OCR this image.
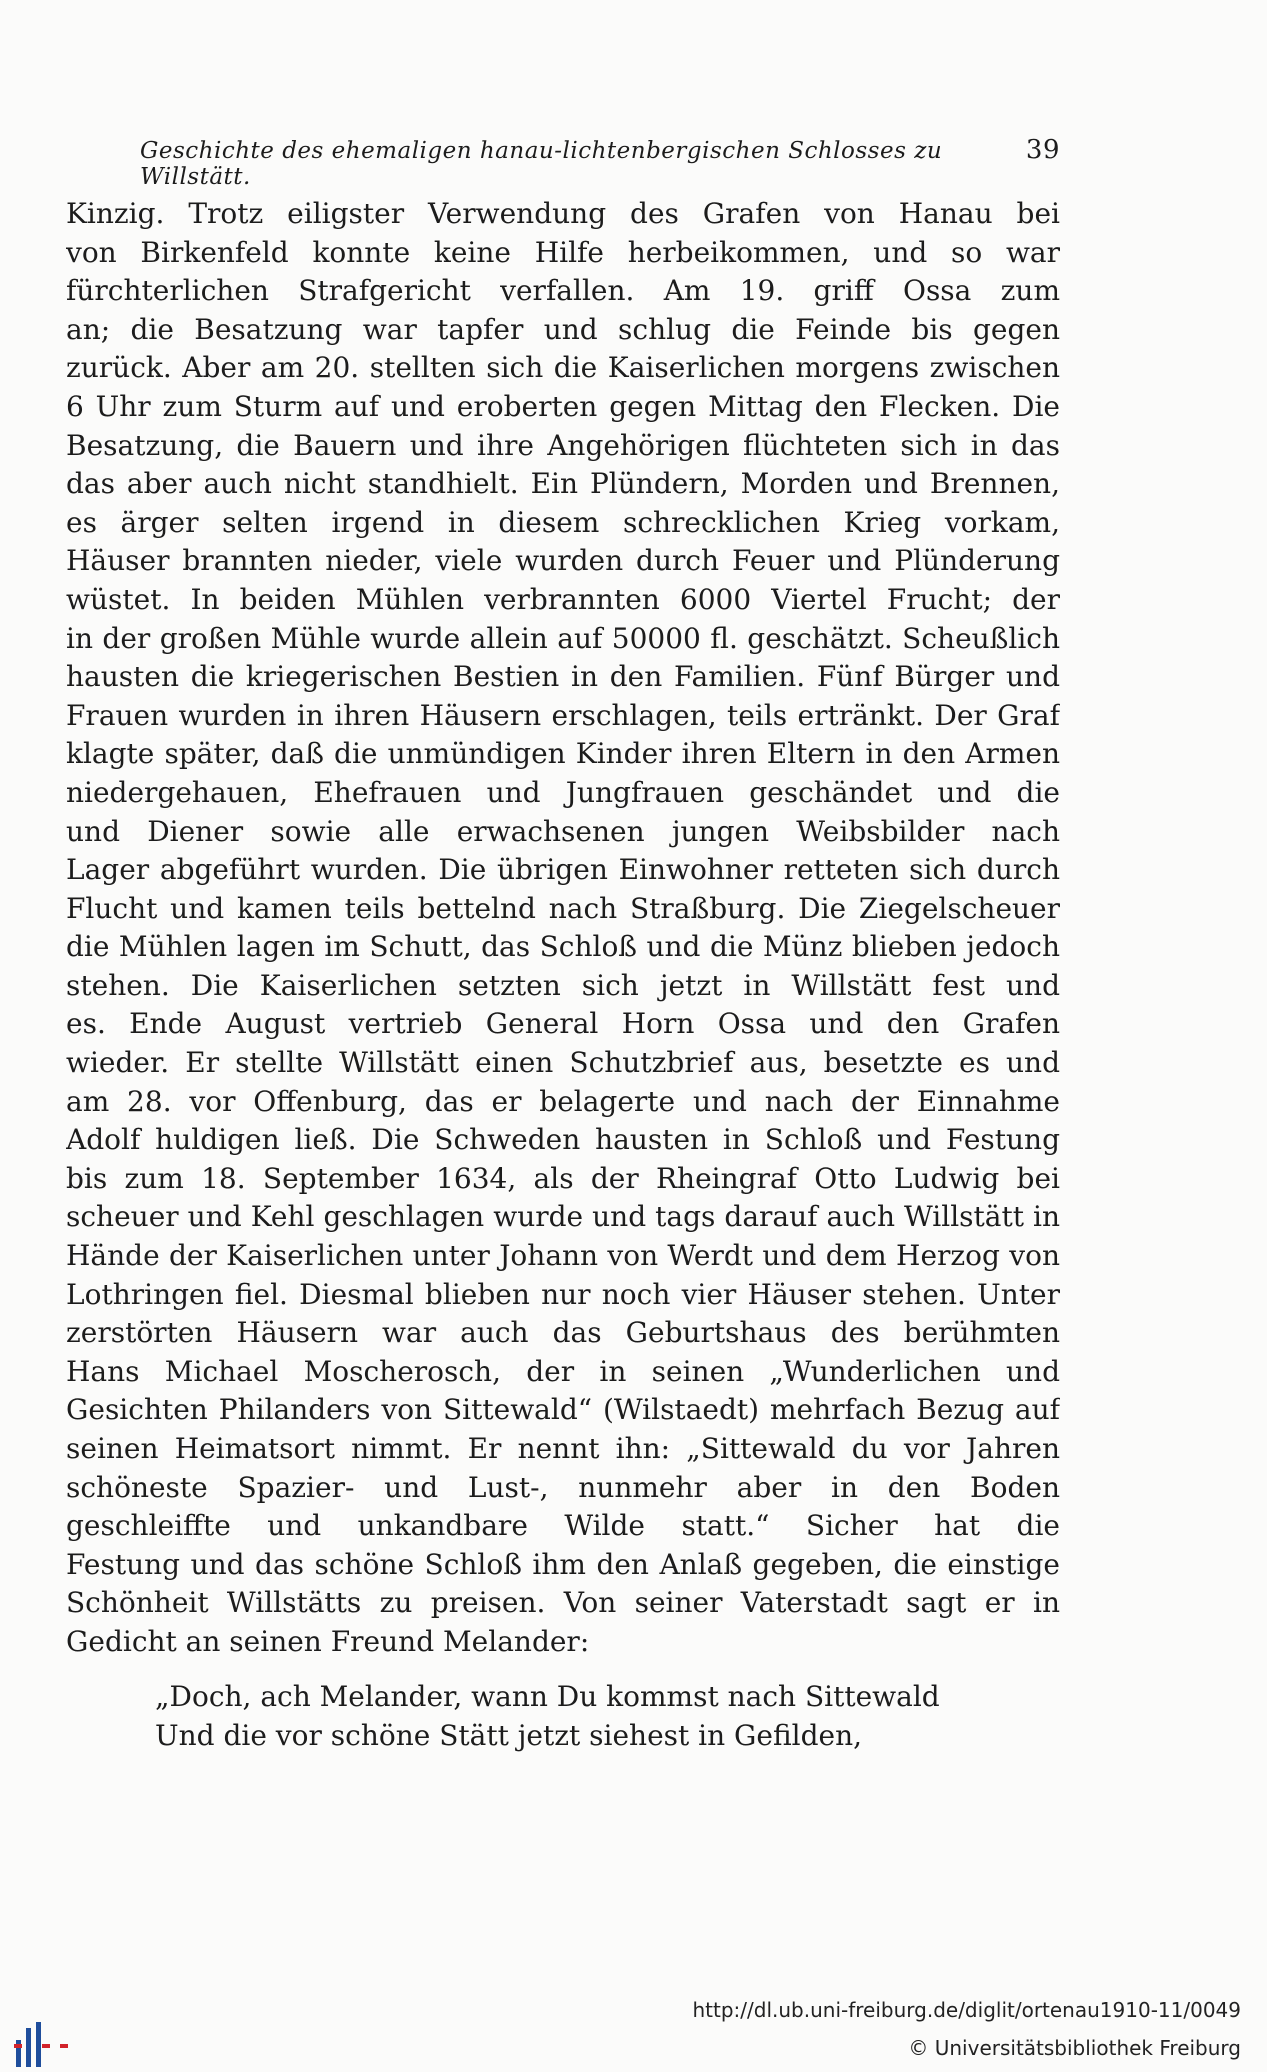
Geschichte des ehemaligen hanau-lichtenbergischen Schlosses zu Willstätt.
39
Kinzig. Trotz eiligster Verwendung des Grafen von Hanau bei
von Birkenfeld konnte keine Hilfe herbeikommen, und so war
fürchterlichen Strafgericht verfallen. Am 19. griff Ossa zum
an; die Besatzung war tapfer und schlug die Feinde bis gegen
zurück. Aber am 20. stellten sich die Kaiserlichen morgens zwischen
6 Uhr zum Sturm auf und eroberten gegen Mittag den Flecken. Die
Besatzung, die Bauern und ihre Angehörigen flüchteten sich in das
das aber auch nicht standhielt. Ein Plündern, Morden und Brennen,
es ärger selten irgend in diesem schrecklichen Krieg vorkam,
Häuser brannten nieder, viele wurden durch Feuer und Plünderung
wüstet. In beiden Mühlen verbrannten 6000 Viertel Frucht; der
in der großen Mühle wurde allein auf 50000 fl. geschätzt. Scheußlich
hausten die kriegerischen Bestien in den Familien. Fünf Bürger und
Frauen wurden in ihren Häusern erschlagen, teils ertränkt. Der Graf
klagte später, daß die unmündigen Kinder ihren Eltern in den Armen
niedergehauen, Ehefrauen und Jungfrauen geschändet und die
und Diener sowie alle erwachsenen jungen Weibsbilder nach
Lager abgeführt wurden. Die übrigen Einwohner retteten sich durch
Flucht und kamen teils bettelnd nach Straßburg. Die Ziegelscheuer
die Mühlen lagen im Schutt, das Schloß und die Münz blieben jedoch
stehen. Die Kaiserlichen setzten sich jetzt in Willstätt fest und
es. Ende August vertrieb General Horn Ossa und den Grafen
wieder. Er stellte Willstätt einen Schutzbrief aus, besetzte es und
am 28. vor Offenburg, das er belagerte und nach der Einnahme
Adolf huldigen ließ. Die Schweden hausten in Schloß und Festung
bis zum 18. September 1634, als der Rheingraf Otto Ludwig bei
scheuer und Kehl geschlagen wurde und tags darauf auch Willstätt in
Hände der Kaiserlichen unter Johann von Werdt und dem Herzog von
Lothringen fiel. Diesmal blieben nur noch vier Häuser stehen. Unter
zerstörten Häusern war auch das Geburtshaus des berühmten
Hans Michael Moscherosch, der in seinen „Wunderlichen und
Gesichten Philanders von Sittewald“ (Wilstaedt) mehrfach Bezug auf
seinen Heimatsort nimmt. Er nennt ihn: „Sittewald du vor Jahren
schöneste Spazier- und Lust-, nunmehr aber in den Boden
geschleiffte und unkandbare Wilde statt.“ Sicher hat die
Festung und das schöne Schloß ihm den Anlaß gegeben, die einstige
Schönheit Willstätts zu preisen. Von seiner Vaterstadt sagt er in
Gedicht an seinen Freund Melander:
„Doch, ach Melander, wann Du kommst nach Sittewald
Und die vor schöne Stätt jetzt siehest in Gefilden,
http://dl.ub.uni-freiburg.de/diglit/ortenau1910-11/0049
© Universitätsbibliothek Freiburg
